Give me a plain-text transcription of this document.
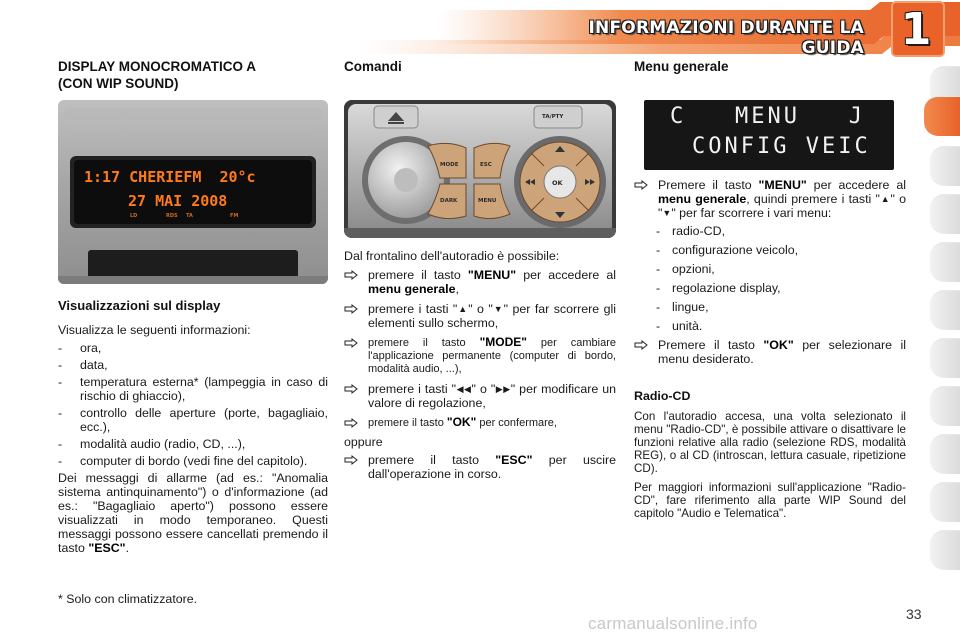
INFORMAZIONI DURANTE LA GUIDA 1
DISPLAY MONOCROMATICO A
(CON WIP SOUND)
1:17 CHERIEFM  20°c
27 MAI 2008
LD	RDS TA	FM
Visualizzazioni sul display

Visualizza le seguenti informazioni:

-	ora,
-	data,
-	temperatura esterna* (lampeggia in caso di rischio di ghiaccio),
-	controllo delle aperture (porte, bagagliaio, ecc.),
-	modalità audio (radio, CD, ...),
-	computer di bordo (vedi fine del capitolo).

Dei messaggi di allarme (ad es.: "Anomalia sistema antinquinamento") o d'informazione (ad es.: "Bagagliaio aperto") possono essere visualizzati in modo temporaneo. Questi messaggi possono essere cancellati premendo il tasto "ESC".

* Solo con climatizzatore.
Comandi
TA/PTY
MODE	ESC
DARK	MENU
OK

Dal frontalino dell'autoradio è possibile:

premere il tasto "MENU" per accedere al menu generale,
premere i tasti "▲" o "▼" per far scorrere gli elementi sullo schermo,
premere il tasto "MODE" per cambiare l'applicazione permanente (computer di bordo, modalità audio, ...),
premere i tasti "◀◀" o "▶▶" per modificare un valore di regolazione,
premere il tasto "OK" per confermare,

oppure

premere il tasto "ESC" per uscire dall'operazione in corso.
Menu generale
C   MENU   J
CONFIG VEIC
Premere il tasto "MENU" per accedere al menu generale, quindi premere i tasti "▲" o "▼" per far scorrere i vari menu:
- radio-CD,
- configurazione veicolo,
- opzioni,
- regolazione display,
- lingue,
- unità.
Premere il tasto "OK" per selezionare il menu desiderato.
Radio-CD

Con l'autoradio accesa, una volta selezionato il menu "Radio-CD", è possibile attivare o disattivare le funzioni relative alla radio (selezione RDS, modalità REG), o al CD (introscan, lettura casuale, ripetizione CD).

Per maggiori informazioni sull'applicazione "Radio-CD", fare riferimento alla parte WIP Sound del capitolo "Audio e Telematica".

carmanualsonline.info	33
